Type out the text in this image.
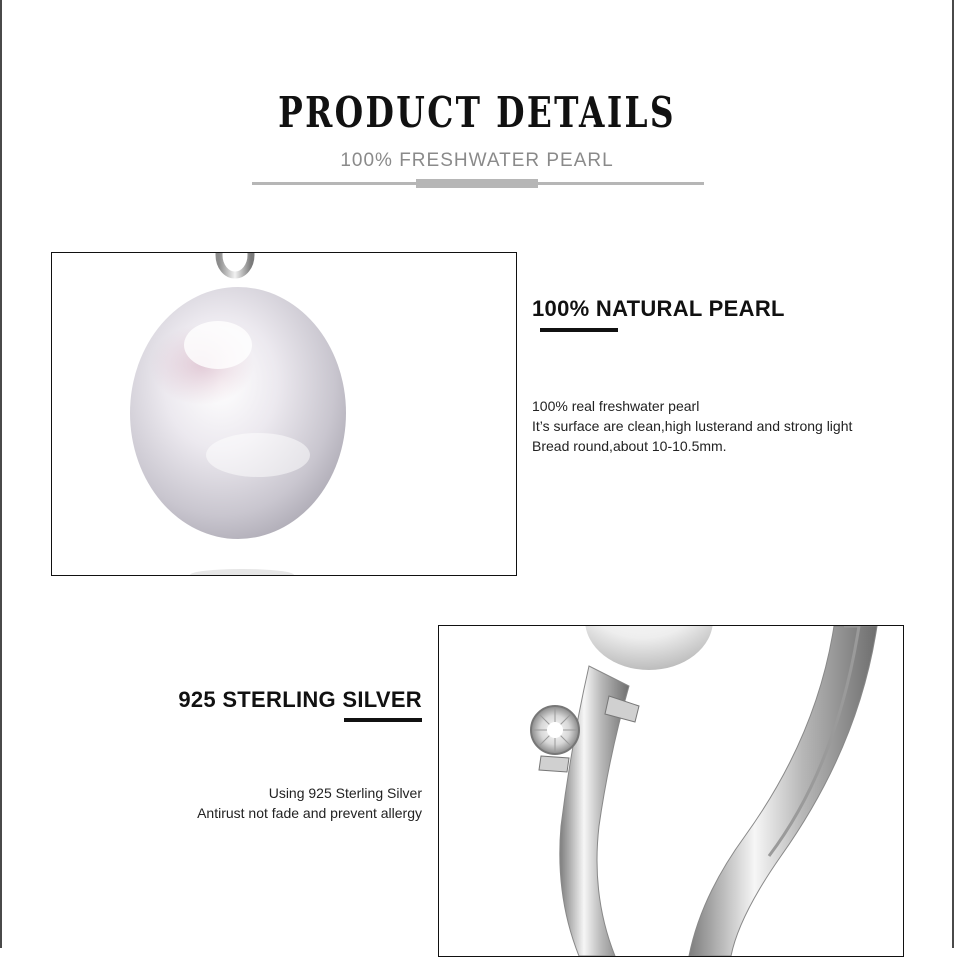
PRODUCT DETAILS
100% FRESHWATER PEARL
100% NATURAL PEARL
100% real freshwater pearl
It’s surface are clean,high lusterand and strong light
Bread round,about 10-10.5mm.
925 STERLING SILVER
Using 925 Sterling Silver
Antirust not fade and prevent allergy
